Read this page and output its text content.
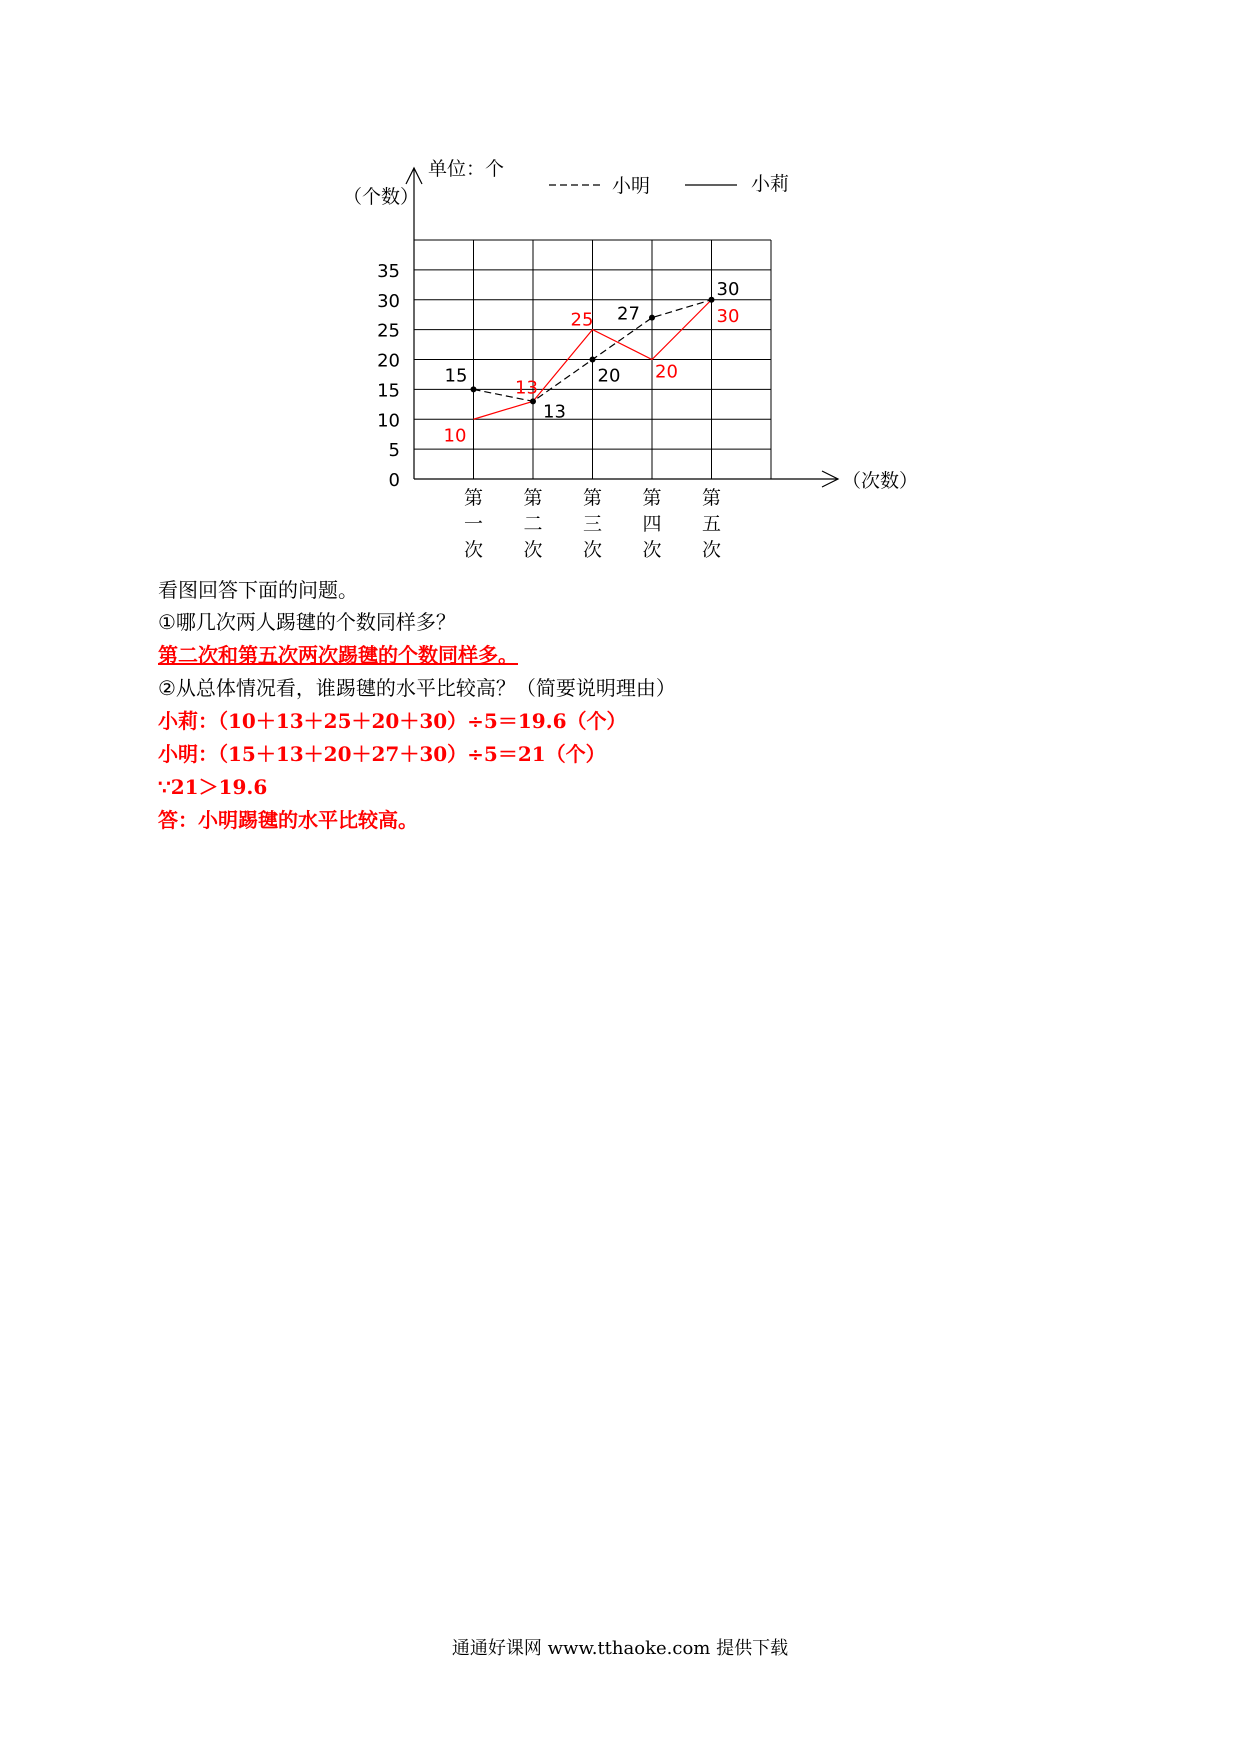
0
5
10
15
20
25
30
35
第
一
次
第
二
次
第
三
次
第
四
次
第
五
次
单位：个
（个数）
（次数）
小明	小莉
15
13
20
27
30
10
13
25
20
30
看图回答下面的问题。
①哪几次两人踢毽的个数同样多？
第二次和第五次两次踢毽的个数同样多。
②从总体情况看，谁踢毽的水平比较高？（简要说明理由）
小莉：（10＋13＋25＋20＋30）÷5＝19.6（个）
小明：（15＋13＋20＋27＋30）÷5＝21（个）
∵21＞19.6
答：小明踢毽的水平比较高。
通通好课网 www.tthaoke.com 提供下载
